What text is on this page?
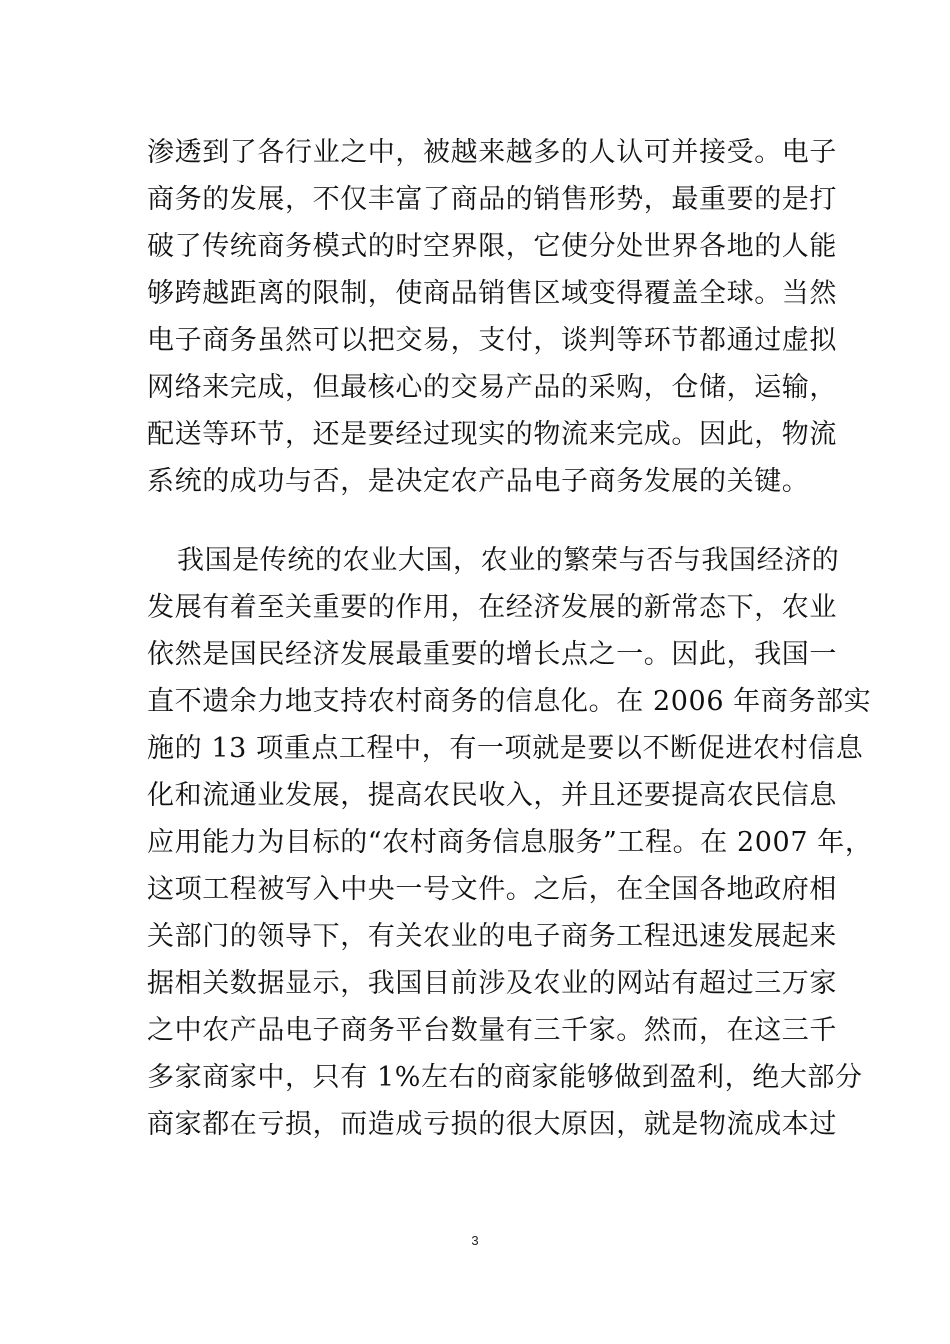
渗透到了各行业之中，被越来越多的人认可并接受。电子
商务的发展，不仅丰富了商品的销售形势，最重要的是打
破了传统商务模式的时空界限，它使分处世界各地的人能
够跨越距离的限制，使商品销售区域变得覆盖全球。当然
电子商务虽然可以把交易，支付，谈判等环节都通过虚拟
网络来完成，但最核心的交易产品的采购，仓储，运输，
配送等环节，还是要经过现实的物流来完成。因此，物流
系统的成功与否，是决定农产品电子商务发展的关键。
我国是传统的农业大国，农业的繁荣与否与我国经济的
发展有着至关重要的作用，在经济发展的新常态下，农业
依然是国民经济发展最重要的增长点之一。因此，我国一
直不遗余力地支持农村商务的信息化。在 2006 年商务部实
施的 13 项重点工程中，有一项就是要以不断促进农村信息
化和流通业发展，提高农民收入，并且还要提高农民信息
应用能力为目标的“农村商务信息服务”工程。在 2007 年，
这项工程被写入中央一号文件。之后，在全国各地政府相
关部门的领导下，有关农业的电子商务工程迅速发展起来
据相关数据显示，我国目前涉及农业的网站有超过三万家
之中农产品电子商务平台数量有三千家。然而，在这三千
多家商家中，只有 1%左右的商家能够做到盈利，绝大部分
商家都在亏损，而造成亏损的很大原因，就是物流成本过
3
